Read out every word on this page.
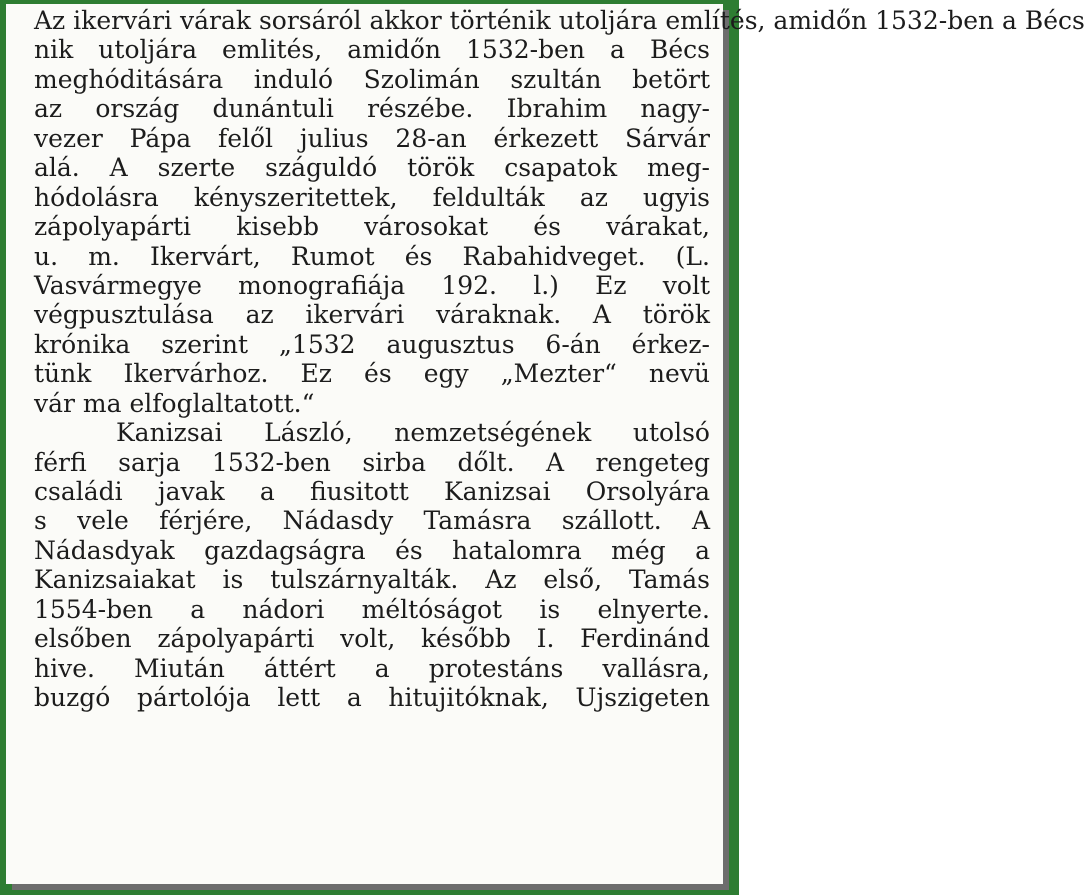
Az ikervári várak sorsáról akkor történik utoljára említés, amidőn 1532-ben a Bécs
nik utoljára emlités, amidőn 1532-ben a Bécs
meghóditására induló Szolimán szultán betört
az ország dunántuli részébe. Ibrahim nagy-
vezer Pápa felől julius 28-an érkezett Sárvár
alá. A szerte száguldó török csapatok meg-
hódolásra kényszeritettek, feldulták az ugyis
zápolyapárti kisebb városokat és várakat,
u. m. Ikervárt, Rumot és Rabahidveget. (L.
Vasvármegye monografiája 192. l.) Ez volt
végpusztulása az ikervári váraknak. A török
krónika szerint „1532 augusztus 6-án érkez-
tünk Ikervárhoz. Ez és egy „Mezter“ nevü
vár ma elfoglaltatott.“
Kanizsai László, nemzetségének utolsó
férfi sarja 1532-ben sirba dőlt. A rengeteg
családi javak a fiusitott Kanizsai Orsolyára
s vele férjére, Nádasdy Tamásra szállott. A
Nádasdyak gazdagságra és hatalomra még a
Kanizsaiakat is tulszárnyalták. Az első, Tamás
1554-ben a nádori méltóságot is elnyerte.
elsőben zápolyapárti volt, később I. Ferdinánd
hive. Miután áttért a protestáns vallásra,
buzgó pártolója lett a hitujitóknak, Ujszigeten
